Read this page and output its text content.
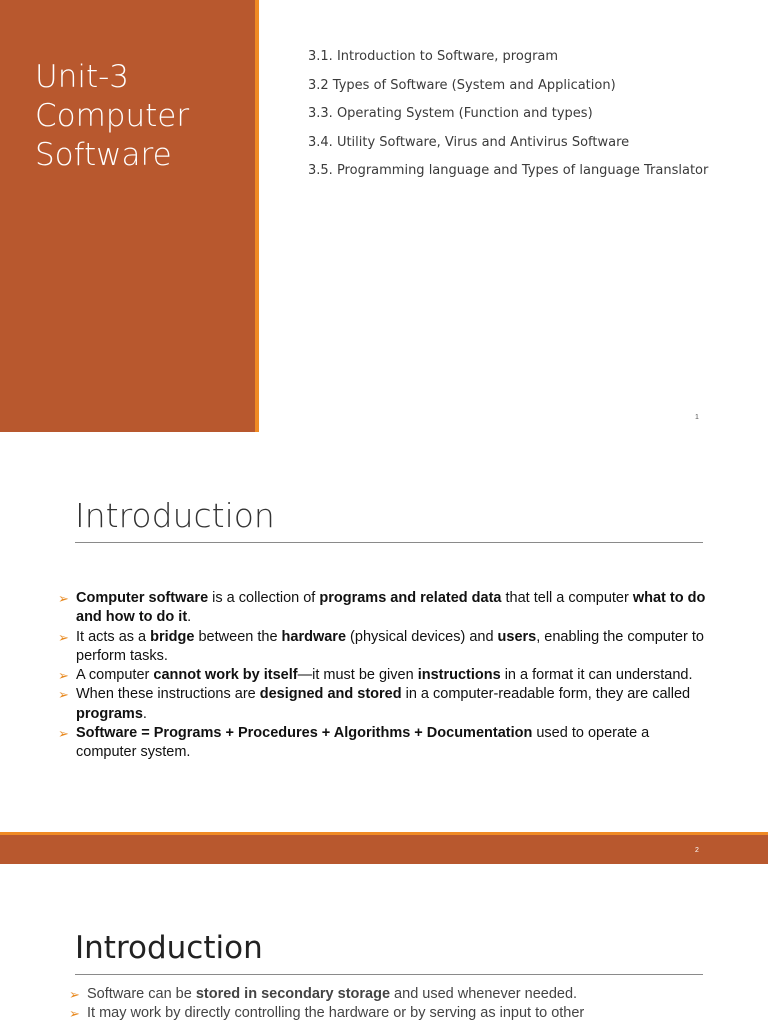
Unit-3
Computer
Software
3.1. Introduction to Software, program
3.2 Types of Software (System and Application)
3.3. Operating System (Function and types)
3.4. Utility Software, Virus and Antivirus Software
3.5. Programming language and Types of language Translator
1
Introduction
➢ Computer software is a collection of programs and related data that tell a computer what to do and how to do it.
➢ It acts as a bridge between the hardware (physical devices) and users, enabling the computer to perform tasks.
➢ A computer cannot work by itself—it must be given instructions in a format it can understand.
➢ When these instructions are designed and stored in a computer-readable form, they are called programs.
➢ Software = Programs + Procedures + Algorithms + Documentation used to operate a computer system.
2
Introduction
➢ Software can be stored in secondary storage and used whenever needed.
➢ It may work by directly controlling the hardware or by serving as input to other
